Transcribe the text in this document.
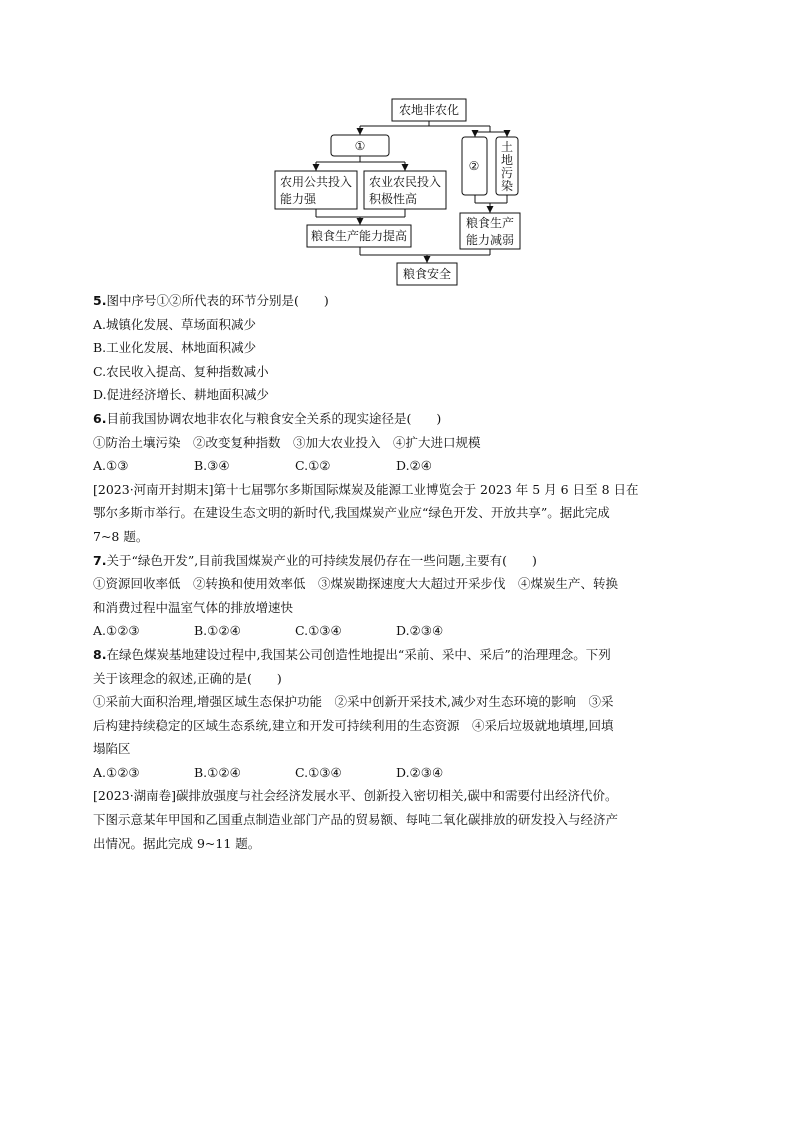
农地非农化
①
农用公共投入
能力强
农业农民投入
积极性高
粮食生产能力提高
②
土
地
污
染
粮食生产
能力减弱
粮食安全
5.图中序号①②所代表的环节分别是(　　)
A.城镇化发展、草场面积减少
B.工业化发展、林地面积减少
C.农民收入提高、复种指数减小
D.促进经济增长、耕地面积减少
6.目前我国协调农地非农化与粮食安全关系的现实途径是(　　)
①防治土壤污染　②改变复种指数　③加大农业投入　④扩大进口规模
A.①③	B.③④	C.①②	D.②④
[2023·河南开封期末]第十七届鄂尔多斯国际煤炭及能源工业博览会于 2023 年 5 月 6 日至 8 日在
鄂尔多斯市举行。在建设生态文明的新时代,我国煤炭产业应“绿色开发、开放共享”。据此完成
7~8 题。
7.关于“绿色开发”,目前我国煤炭产业的可持续发展仍存在一些问题,主要有(　　)
①资源回收率低　②转换和使用效率低　③煤炭勘探速度大大超过开采步伐　④煤炭生产、转换
和消费过程中温室气体的排放增速快
A.①②③	B.①②④	C.①③④	D.②③④
8.在绿色煤炭基地建设过程中,我国某公司创造性地提出“采前、采中、采后”的治理理念。下列
关于该理念的叙述,正确的是(　　)
①采前大面积治理,增强区域生态保护功能　②采中创新开采技术,减少对生态环境的影响　③采
后构建持续稳定的区域生态系统,建立和开发可持续利用的生态资源　④采后垃圾就地填埋,回填
塌陷区
A.①②③	B.①②④	C.①③④	D.②③④
[2023·湖南卷]碳排放强度与社会经济发展水平、创新投入密切相关,碳中和需要付出经济代价。
下图示意某年甲国和乙国重点制造业部门产品的贸易额、每吨二氧化碳排放的研发投入与经济产
出情况。据此完成 9~11 题。
